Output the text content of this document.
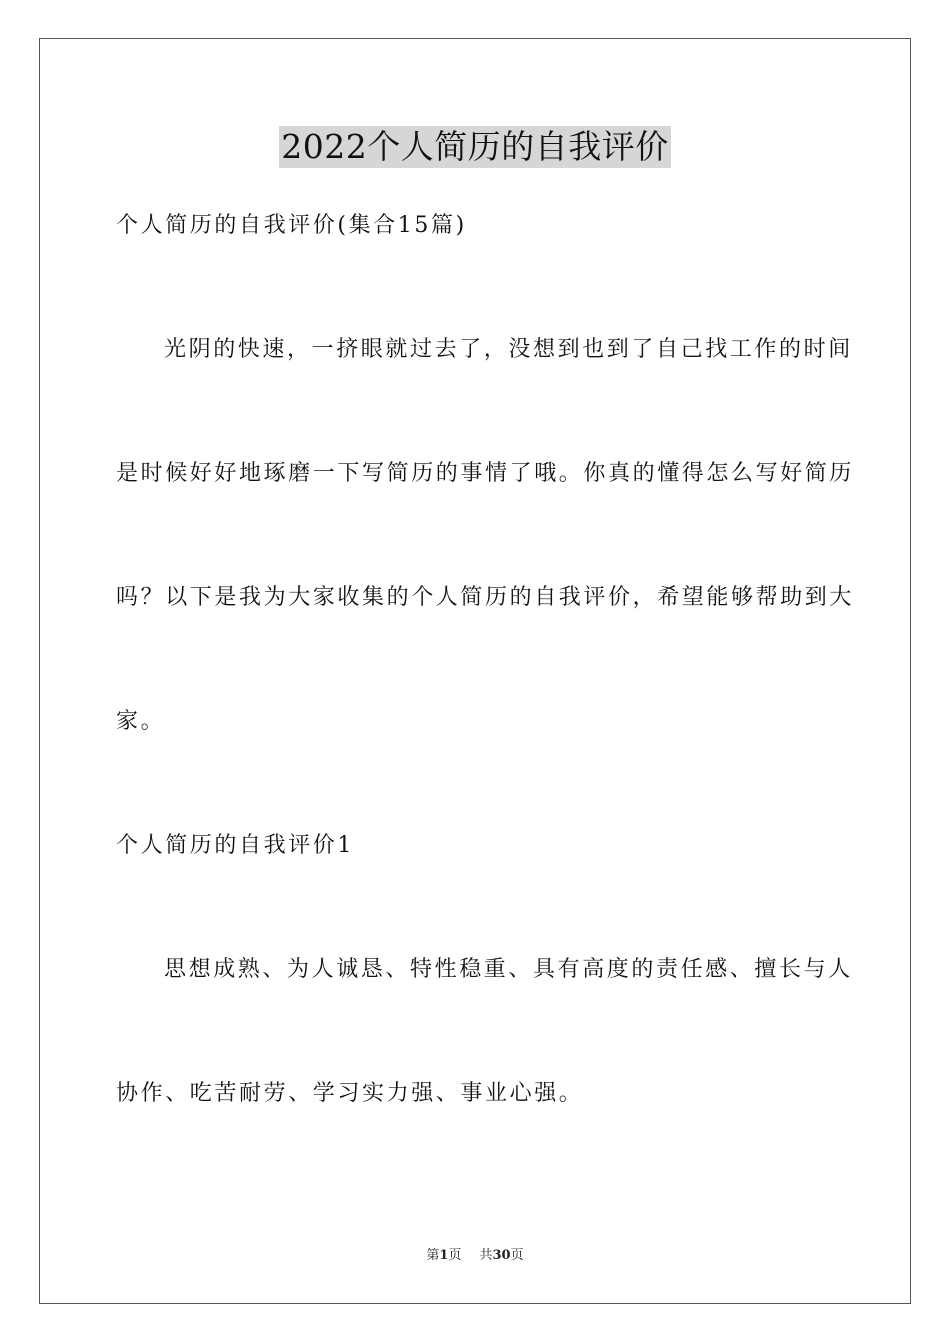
2022个人简历的自我评价
个人简历的自我评价(集合15篇)
光阴的快速，一挤眼就过去了，没想到也到了自己找工作的时间
是时候好好地琢磨一下写简历的事情了哦。你真的懂得怎么写好简历
吗？以下是我为大家收集的个人简历的自我评价，希望能够帮助到大
家。
个人简历的自我评价1
思想成熟、为人诚恳、特性稳重、具有高度的责任感、擅长与人
协作、吃苦耐劳、学习实力强、事业心强。
第1页 共30页
